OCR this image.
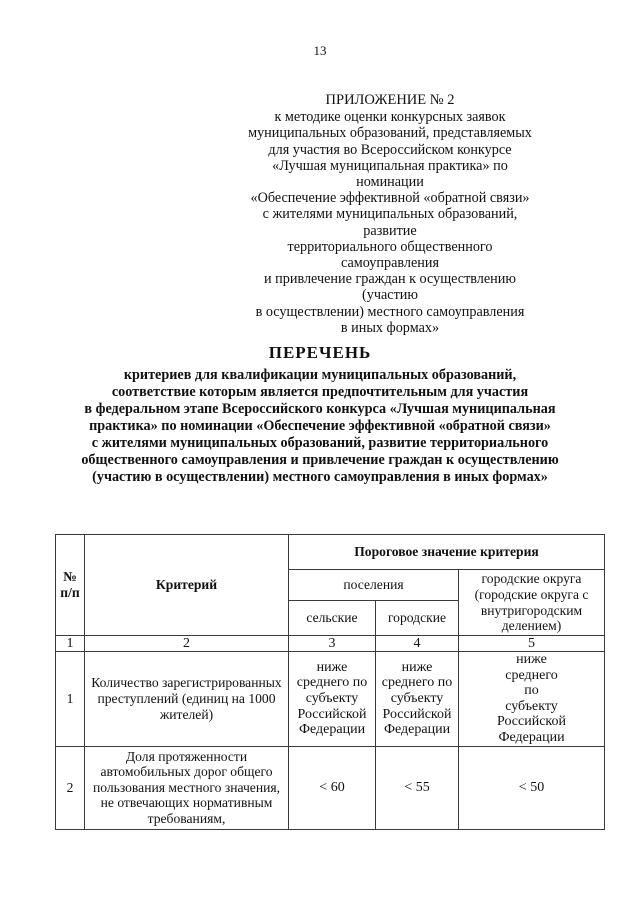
13
ПРИЛОЖЕНИЕ № 2
к методике оценки конкурсных заявок
муниципальных образований, представляемых
для участия во Всероссийском конкурсе
«Лучшая муниципальная практика» по номинации
«Обеспечение эффективной «обратной связи»
с жителями муниципальных образований, развитие
территориального общественного самоуправления
и привлечение граждан к осуществлению (участию
в осуществлении) местного самоуправления
в иных формах»
ПЕРЕЧЕНЬ
критериев для квалификации муниципальных образований,
соответствие которым является предпочтительным для участия
в федеральном этапе Всероссийского конкурса «Лучшая муниципальная
практика» по номинации «Обеспечение эффективной «обратной связи»
с жителями муниципальных образований, развитие территориального
общественного самоуправления и привлечение граждан к осуществлению
(участию в осуществлении) местного самоуправления в иных формах»
№ п/п	Критерий	Пороговое значение критерия		
		поселения		городские округа (городские округа с внутригородским делением)
		сельские	городские	
1	2	3	4	5
1	Количество зарегистрированных преступлений (единиц на 1000 жителей)	ниже среднего по субъекту Российской Федерации	ниже среднего по субъекту Российской Федерации	ниже среднего по субъекту Российской Федерации
2	Доля протяженности автомобильных дорог общего пользования местного значения, не отвечающих нормативным требованиям,	< 60	< 55	< 50
